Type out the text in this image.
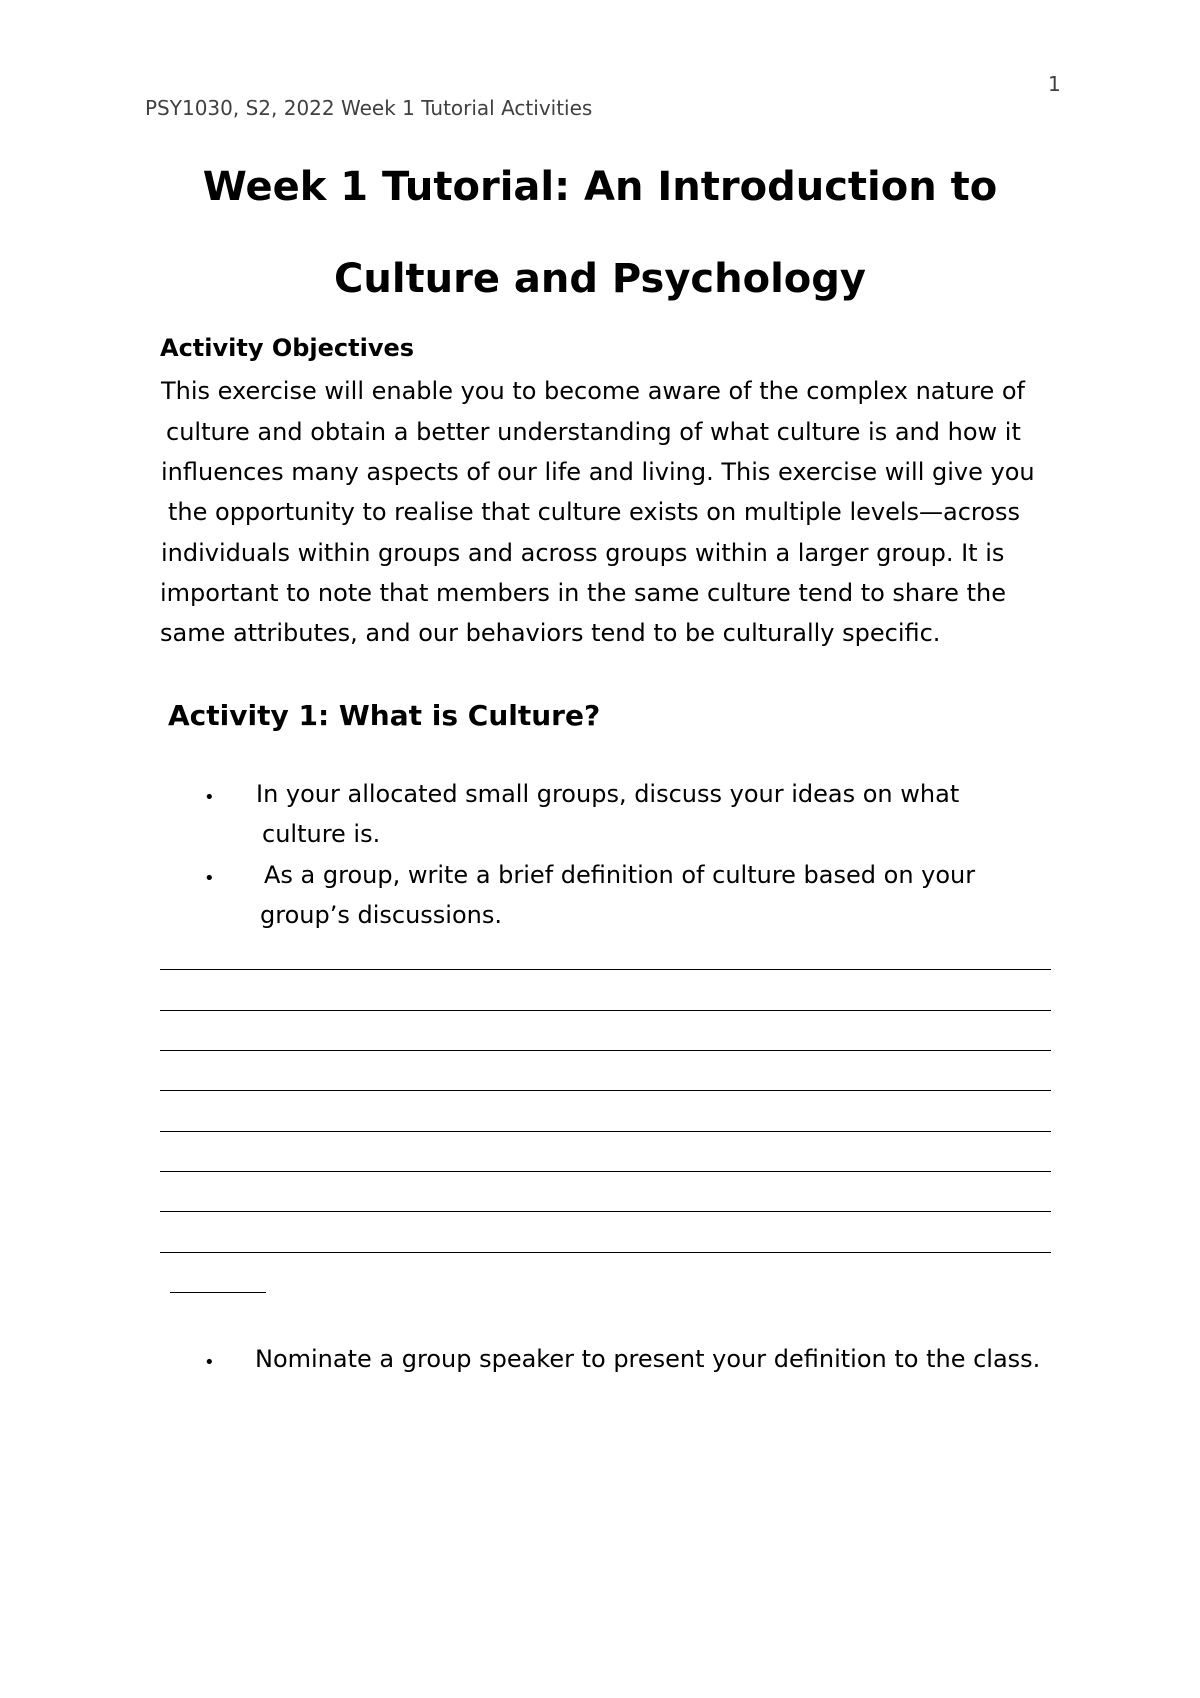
PSY1030, S2, 2022 Week 1 Tutorial Activities
1
Week 1 Tutorial: An Introduction to
Culture and Psychology
Activity Objectives
This exercise will enable you to become aware of the complex nature of
culture and obtain a better understanding of what culture is and how it
influences many aspects of our life and living. This exercise will give you
the opportunity to realise that culture exists on multiple levels—across
individuals within groups and across groups within a larger group. It is
important to note that members in the same culture tend to share the
same attributes, and our behaviors tend to be culturally specific.
Activity 1: What is Culture?
• In your allocated small groups, discuss your ideas on what
culture is.
• As a group, write a brief definition of culture based on your
group’s discussions.
• Nominate a group speaker to present your definition to the class.
